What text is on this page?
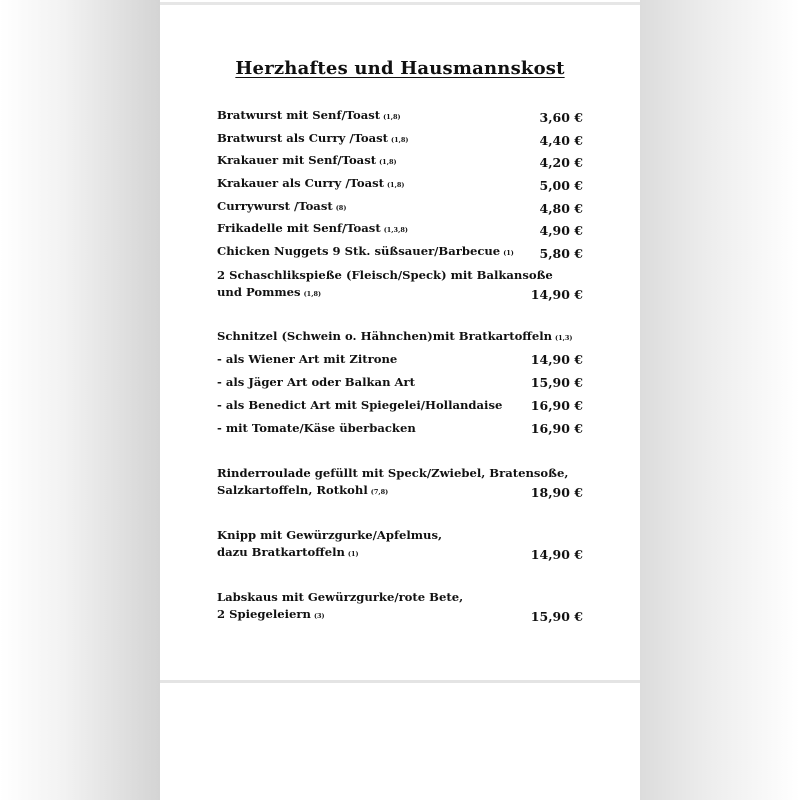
Herzhaftes und Hausmannskost
Bratwurst mit Senf/Toast (1,8)	3,60 €
Bratwurst als Curry /Toast (1,8)	4,40 €
Krakauer mit Senf/Toast (1,8)	4,20 €
Krakauer als Curry /Toast (1,8)	5,00 €
Currywurst /Toast (8)	4,80 €
Frikadelle mit Senf/Toast (1,3,8)	4,90 €
Chicken Nuggets 9 Stk. süßsauer/Barbecue (1) 5,80 €
2 Schaschlikspieße (Fleisch/Speck) mit Balkansoße
und Pommes (1,8)	14,90 €
Schnitzel (Schwein o. Hähnchen)mit Bratkartoffeln (1,3)
- als Wiener Art mit Zitrone	14,90 €
- als Jäger Art oder Balkan Art	15,90 €
- als Benedict Art mit Spiegelei/Hollandaise 16,90 €
- mit Tomate/Käse überbacken	16,90 €
Rinderroulade gefüllt mit Speck/Zwiebel, Bratensoße,
Salzkartoffeln, Rotkohl (7,8)	18,90 €
Knipp mit Gewürzgurke/Apfelmus,
dazu Bratkartoffeln (1)	14,90 €
Labskaus mit Gewürzgurke/rote Bete,
2 Spiegeleiern (3)	15,90 €
